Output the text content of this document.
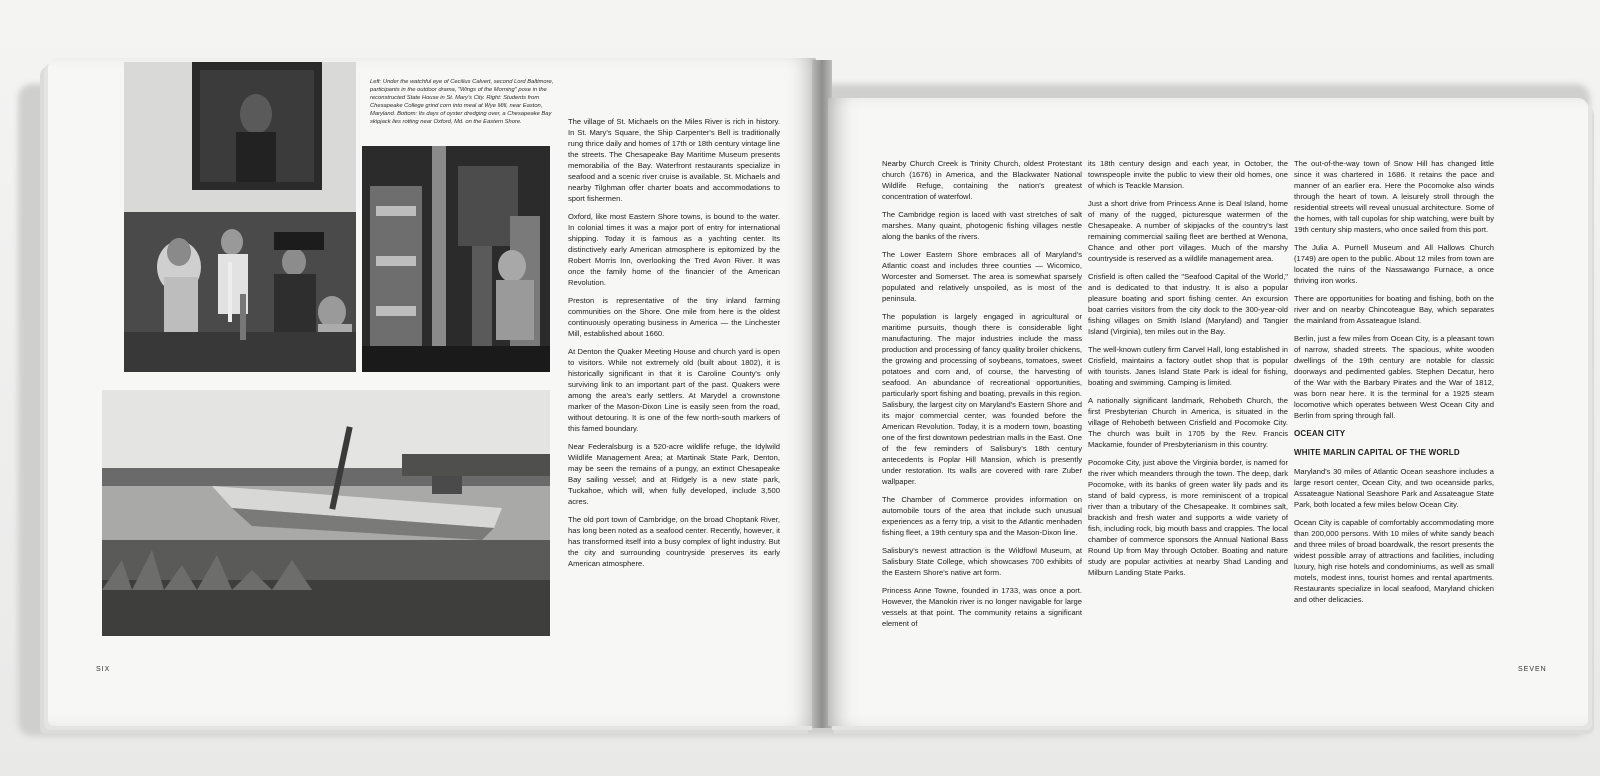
Left: Under the watchful eye of Cecilius Calvert, second Lord Baltimore, participants in the outdoor drama, "Wings of the Morning" pose in the reconstructed State House in St. Mary's City. Right: Students from Chesapeake College grind corn into meal at Wye Mill, near Easton, Maryland. Bottom: Its days of oyster dredging over, a Chesapeake Bay skipjack lies rotting near Oxford, Md. on the Eastern Shore.	The village of St. Michaels on the Miles River is rich in history. In St. Mary's Square, the Ship Carpenter's Bell is traditionally rung thrice daily and homes of 17th or 18th century vintage line the streets. The Chesapeake Bay Maritime Museum presents memorabilia of the Bay. Waterfront restaurants specialize in seafood and a scenic river cruise is available. St. Michaels and nearby Tilghman offer charter boats and accommodations to sport fishermen.

Oxford, like most Eastern Shore towns, is bound to the water. In colonial times it was a major port of entry for international shipping. Today it is famous as a yachting center. Its distinctively early American atmosphere is epitomized by the Robert Morris Inn, overlooking the Tred Avon River. It was once the family home of the financier of the American Revolution.

Preston is representative of the tiny inland farming communities on the Shore. One mile from here is the oldest continuously operating business in America — the Linchester Mill, established about 1660.

At Denton the Quaker Meeting House and church yard is open to visitors. While not extremely old (built about 1802), it is historically significant in that it is Caroline County's only surviving link to an important part of the past. Quakers were among the area's early settlers. At Marydel a crownstone marker of the Mason-Dixon Line is easily seen from the road, without detouring. It is one of the few north-south markers of this famed boundary.

Near Federalsburg is a 520-acre wildlife refuge, the Idylwild Wildlife Management Area; at Martinak State Park, Denton, may be seen the remains of a pungy, an extinct Chesapeake Bay sailing vessel; and at Ridgely is a new state park, Tuckahoe, which will, when fully developed, include 3,500 acres.

The old port town of Cambridge, on the broad Choptank River, has long been noted as a seafood center. Recently, however, it has transformed itself into a busy complex of light industry. But the city and surrounding countryside preserves its early American atmosphere.

SIX

Nearby Church Creek is Trinity Church, oldest Protestant church (1676) in America, and the Blackwater National Wildlife Refuge, containing the nation's greatest concentration of waterfowl.

The Cambridge region is laced with vast stretches of salt marshes. Many quaint, photogenic fishing villages nestle along the banks of the rivers.

The Lower Eastern Shore embraces all of Maryland's Atlantic coast and includes three counties — Wicomico, Worcester and Somerset. The area is somewhat sparsely populated and relatively unspoiled, as is most of the peninsula.

The population is largely engaged in agricultural or maritime pursuits, though there is considerable light manufacturing. The major industries include the mass production and processing of fancy quality broiler chickens, the growing and processing of soybeans, tomatoes, sweet potatoes and corn and, of course, the harvesting of seafood. An abundance of recreational opportunities, particularly sport fishing and boating, prevails in this region. Salisbury, the largest city on Maryland's Eastern Shore and its major commercial center, was founded before the American Revolution. Today, it is a modern town, boasting one of the first downtown pedestrian malls in the East. One of the few reminders of Salisbury's 18th century antecedents is Poplar Hill Mansion, which is presently under restoration. Its walls are covered with rare Zuber wallpaper.

The Chamber of Commerce provides information on automobile tours of the area that include such unusual experiences as a ferry trip, a visit to the Atlantic menhaden fishing fleet, a 19th century spa and the Mason-Dixon line.

Salisbury's newest attraction is the Wildfowl Museum, at Salisbury State College, which showcases 700 exhibits of the Eastern Shore's native art form.

Princess Anne Towne, founded in 1733, was once a port. However, the Manokin river is no longer navigable for large vessels at that point. The community retains a significant element of

its 18th century design and each year, in October, the townspeople invite the public to view their old homes, one of which is Teackle Mansion.

Just a short drive from Princess Anne is Deal Island, home of many of the rugged, picturesque watermen of the Chesapeake. A number of skipjacks of the country's last remaining commercial sailing fleet are berthed at Wenona, Chance and other port villages. Much of the marshy countryside is reserved as a wildlife management area.

Crisfield is often called the "Seafood Capital of the World," and is dedicated to that industry. It is also a popular pleasure boating and sport fishing center. An excursion boat carries visitors from the city dock to the 300-year-old fishing villages on Smith Island (Maryland) and Tangier Island (Virginia), ten miles out in the Bay.

The well-known cutlery firm Carvel Hall, long established in Crisfield, maintains a factory outlet shop that is popular with tourists. Janes Island State Park is ideal for fishing, boating and swimming. Camping is limited.

A nationally significant landmark, Rehobeth Church, the first Presbyterian Church in America, is situated in the village of Rehobeth between Crisfield and Pocomoke City. The church was built in 1705 by the Rev. Francis Mackamie, founder of Presbyterianism in this country.

Pocomoke City, just above the Virginia border, is named for the river which meanders through the town. The deep, dark Pocomoke, with its banks of green water lily pads and its stand of bald cypress, is more reminiscent of a tropical river than a tributary of the Chesapeake. It combines salt, brackish and fresh water and supports a wide variety of fish, including rock, big mouth bass and crappies. The local chamber of commerce sponsors the Annual National Bass Round Up from May through October. Boating and nature study are popular activities at nearby Shad Landing and Milburn Landing State Parks.

The out-of-the-way town of Snow Hill has changed little since it was chartered in 1686. It retains the pace and manner of an earlier era. Here the Pocomoke also winds through the heart of town. A leisurely stroll through the residential streets will reveal unusual architecture. Some of the homes, with tall cupolas for ship watching, were built by 19th century ship masters, who once sailed from this port.

The Julia A. Purnell Museum and All Hallows Church (1749) are open to the public. About 12 miles from town are located the ruins of the Nassawango Furnace, a once thriving iron works.

There are opportunities for boating and fishing, both on the river and on nearby Chincoteague Bay, which separates the mainland from Assateague Island.

Berlin, just a few miles from Ocean City, is a pleasant town of narrow, shaded streets. The spacious, white wooden dwellings of the 19th century are notable for classic doorways and pedimented gables. Stephen Decatur, hero of the War with the Barbary Pirates and the War of 1812, was born near here. It is the terminal for a 1925 steam locomotive which operates between West Ocean City and Berlin from spring through fall.

OCEAN CITY
WHITE MARLIN CAPITAL OF THE WORLD

Maryland's 30 miles of Atlantic Ocean seashore includes a large resort center, Ocean City, and two oceanside parks, Assateague National Seashore Park and Assateague State Park, both located a few miles below Ocean City.

Ocean City is capable of comfortably accommodating more than 200,000 persons. With 10 miles of white sandy beach and three miles of broad boardwalk, the resort presents the widest possible array of attractions and facilities, including luxury, high rise hotels and condominiums, as well as small motels, modest inns, tourist homes and rental apartments. Restaurants specialize in local seafood, Maryland chicken and other delicacies.

SEVEN
